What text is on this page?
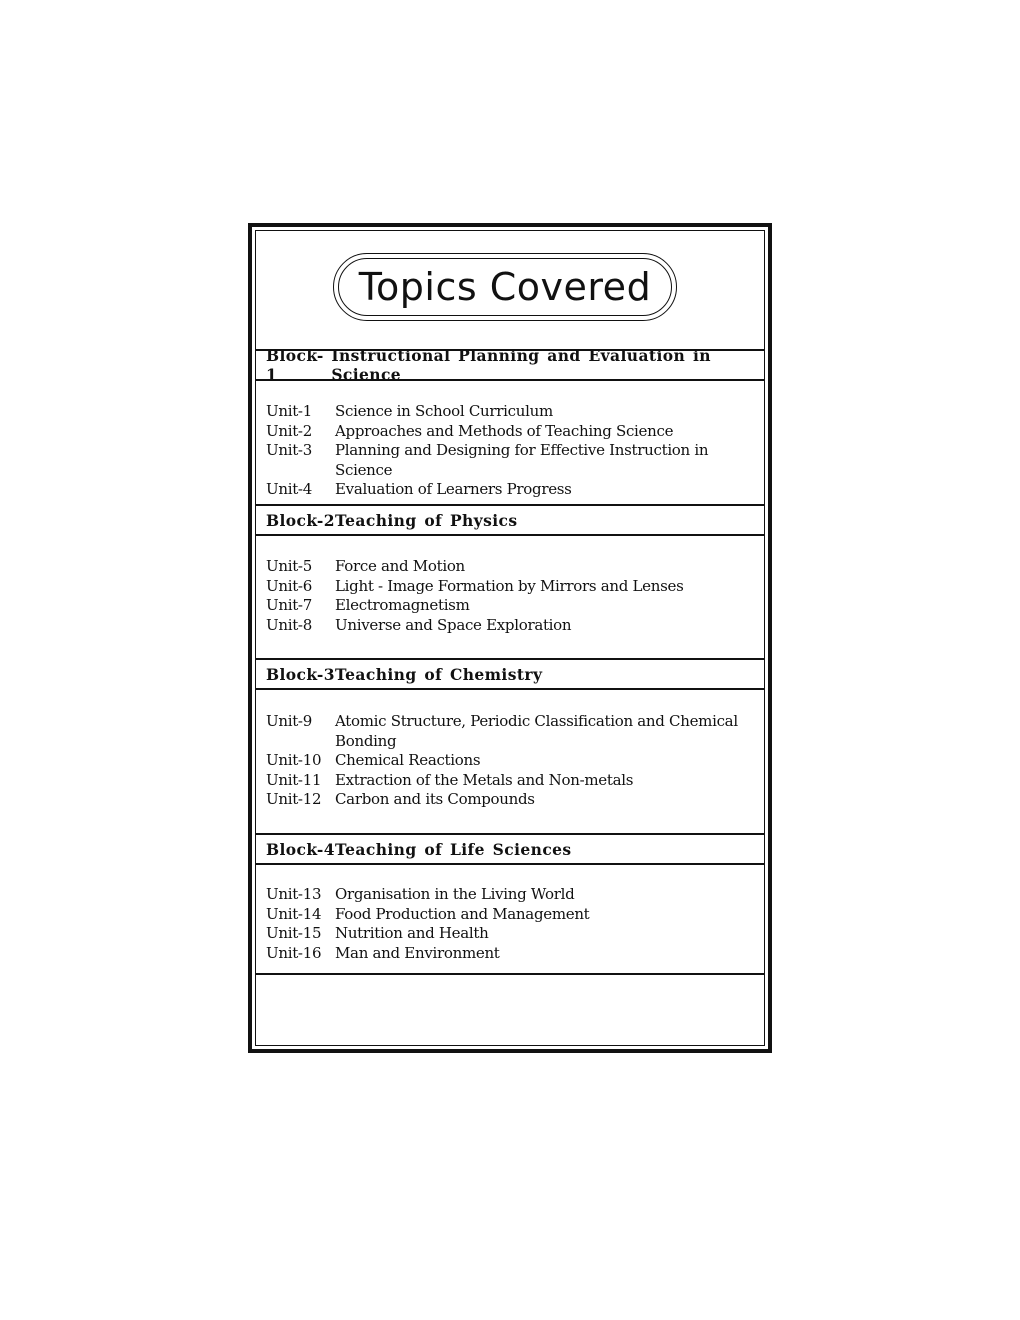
Topics Covered
Block-1
Instructional Planning and Evaluation in Science
Unit-1	Science in School Curriculum
Unit-2	Approaches and Methods of Teaching Science
Unit-3	Planning and Designing for Effective Instruction in Science
Unit-4	Evaluation of Learners Progress
Block-2 Teaching of Physics
Unit-5	Force and Motion
Unit-6	Light - Image Formation by Mirrors and Lenses
Unit-7	Electromagnetism
Unit-8	Universe and Space Exploration
Block-3 Teaching of Chemistry
Unit-9	Atomic Structure, Periodic Classification and Chemical Bonding
Unit-10 Chemical Reactions
Unit-11 Extraction of the Metals and Non-metals
Unit-12 Carbon and its Compounds
Block-4 Teaching of Life Sciences
Unit-13 Organisation in the Living World
Unit-14 Food Production and Management
Unit-15 Nutrition and Health
Unit-16 Man and Environment
